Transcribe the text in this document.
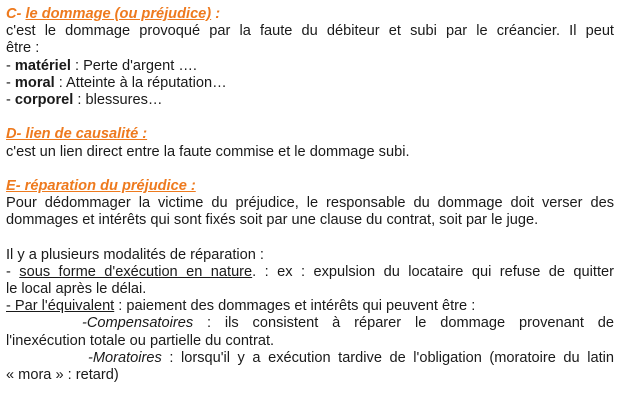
C- le dommage (ou préjudice) :
c'est le dommage provoqué par la faute du débiteur et subi par le créancier. Il peut
être :
- matériel : Perte d'argent ….
- moral : Atteinte à la réputation…
- corporel : blessures…
D- lien de causalité :
c'est un lien direct entre la faute commise et le dommage subi.
E- réparation du préjudice :
Pour dédommager la victime du préjudice, le responsable du dommage doit verser des
dommages et intérêts qui sont fixés soit par une clause du contrat, soit par le juge.
Il y a plusieurs modalités de réparation :
- sous forme d'exécution en nature. : ex : expulsion du locataire qui refuse de quitter
le local après le délai.
- Par l'équivalent : paiement des dommages et intérêts qui peuvent être :
-Compensatoires : ils consistent à réparer le dommage provenant de
l'inexécution totale ou partielle du contrat.
-Moratoires : lorsqu'il y a exécution tardive de l'obligation (moratoire du latin
« mora » : retard)
